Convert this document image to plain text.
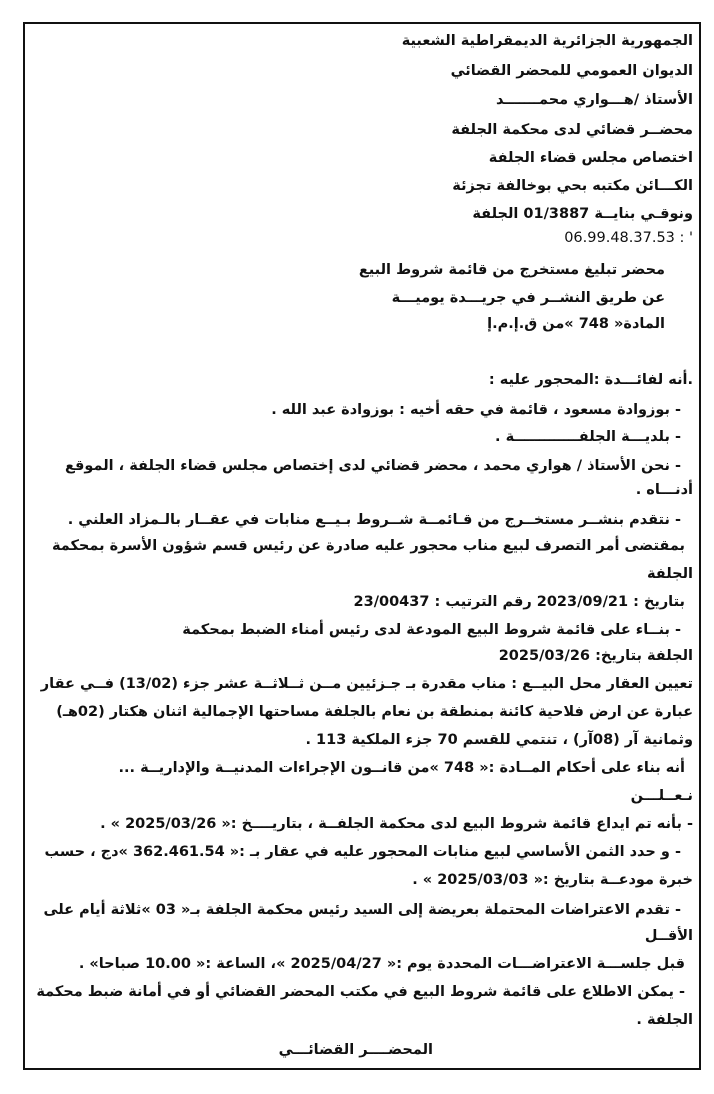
الجمهورية الجزائرية الديمقراطية الشعبية
الديوان العمومي للمحضر القضائي
الأستاذ /هـــواري محمـــــــد
محضــر قضائي لدى محكمة الجلفة
اختصاص مجلس قضاء الجلفة
الكـــائن مكتبه بحي بوخالفة تجزئة
ونوقـي بنايــة 01/3887 الجلفة
' : 06.99.48.37.53
محضر تبليغ مستخرج من قائمة شروط البيع
عن طريق النشــر في جريـــدة يوميـــة
المادة« 748 »من ق.إ.م.إ
.أنه لفائـــدة :المحجور عليه :
- بوزوادة مسعود ، قائمة في حقه أخيه : بوزوادة عبد الله .
- بلديـــة الجلفـــــــــــــة .
- نحن الأستاذ / هواري محمد ، محضر قضائي لدى إختصاص مجلس قضاء الجلفة ، الموقع
أدنـــاه .
- نتقدم بنشــر مستخــرج من قـائمــة شــروط بـيــع منابات في عقــار بالـمزاد العلني .
بمقتضى أمر التصرف لبيع مناب محجور عليه صادرة عن رئيس قسم شؤون الأسرة بمحكمة
الجلفة
بتاريخ : 2023/09/21 رقم الترتيب : 23/00437
- بنــاء على قائمة شروط البيع المودعة لدى رئيس أمناء الضبط بمحكمة
الجلفة بتاريخ: 2025/03/26
تعيين العقار محل البيــع : مناب مقدرة بـ جـزئيين مــن ثــلاثــة عشر جزء (13/02) فــي عقار
عبارة عن ارض فلاحية كائنة بمنطقة بن نعام بالجلفة مساحتها الإجمالية اثنان هكتار (02هـ)
وثمانية آر (08آر) ، تنتمي للقسم 70 جزء الملكية 113 .
أنه بناء على أحكام المــادة :« 748 »من قانــون الإجراءات المدنيــة والإداريــة ...
نـعــلـــن
- بأنه تم ايداع قائمة شروط البيع لدى محكمة الجلفــة ، بتاريــــخ :« 2025/03/26 » .
- و حدد الثمن الأساسي لبيع منابات المحجور عليه في عقار بـ :« 362.461.54 »دج ، حسب
خبرة مودعــة بتاريخ :« 2025/03/03 » .
- تقدم الاعتراضات المحتملة بعريضة إلى السيد رئيس محكمة الجلفة بـ« 03 »ثلاثة أيام على
الأقــل
قبل جلســـة الاعتراضـــات المحددة يوم :« 2025/04/27 »، الساعة :« 10.00 صباحا» .
- يمكن الاطلاع على قائمة شروط البيع في مكتب المحضر القضائي أو في أمانة ضبط محكمة
الجلفة .
المحضــــر القضائـــي
